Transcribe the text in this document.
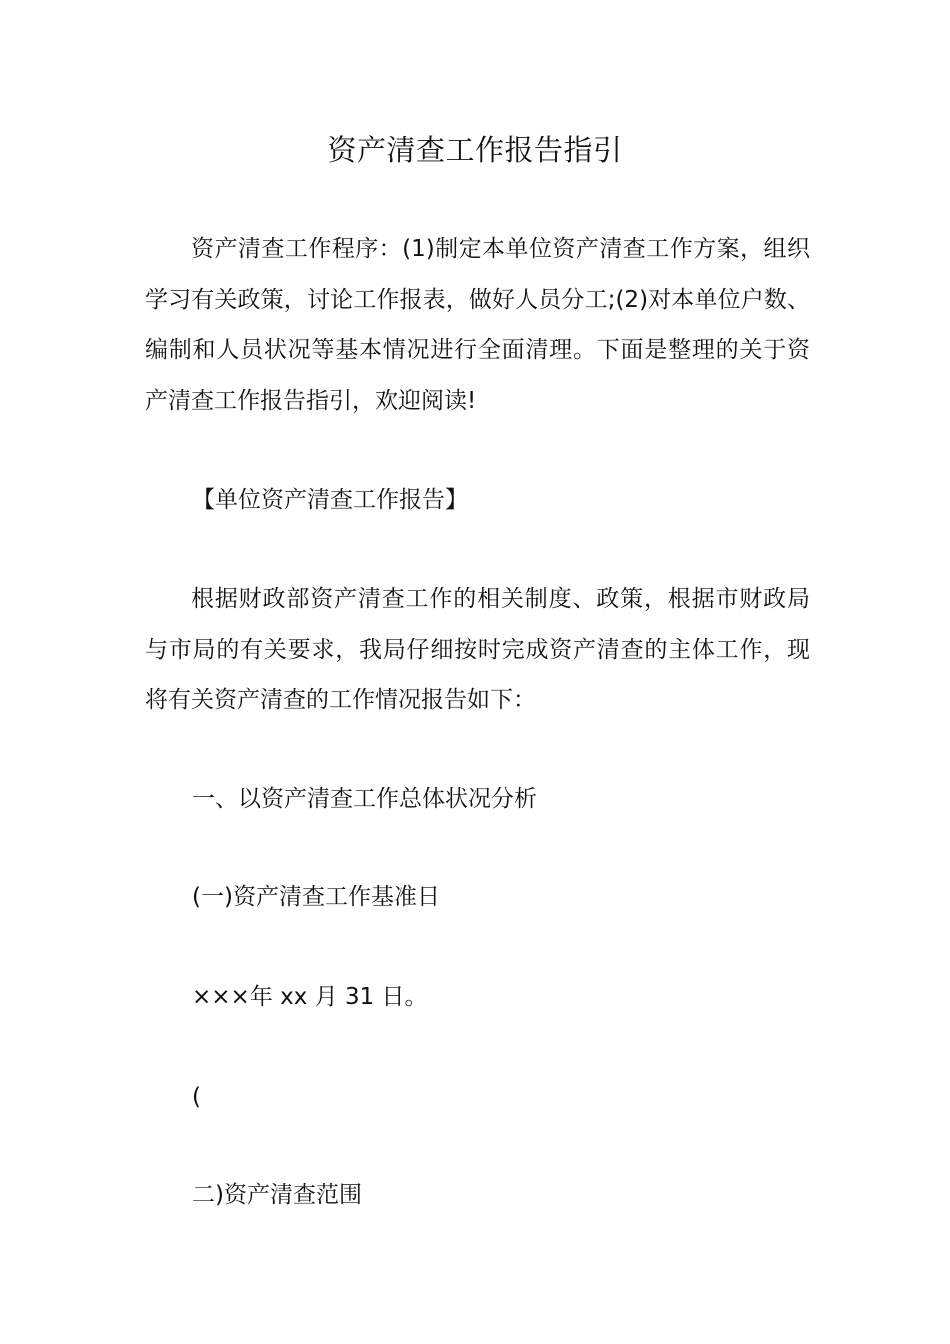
资产清查工作报告指引

资产清查工作程序：(1)制定本单位资产清查工作方案，组织学习有关政策，讨论工作报表，做好人员分工;(2)对本单位户数、编制和人员状况等基本情况进行全面清理。下面是整理的关于资产清查工作报告指引，欢迎阅读!

【单位资产清查工作报告】

根据财政部资产清查工作的相关制度、政策，根据市财政局与市局的有关要求，我局仔细按时完成资产清查的主体工作，现将有关资产清查的工作情况报告如下：

一、以资产清查工作总体状况分析

(一)资产清查工作基准日

×××年 xx 月 31 日。

(

二)资产清查范围
